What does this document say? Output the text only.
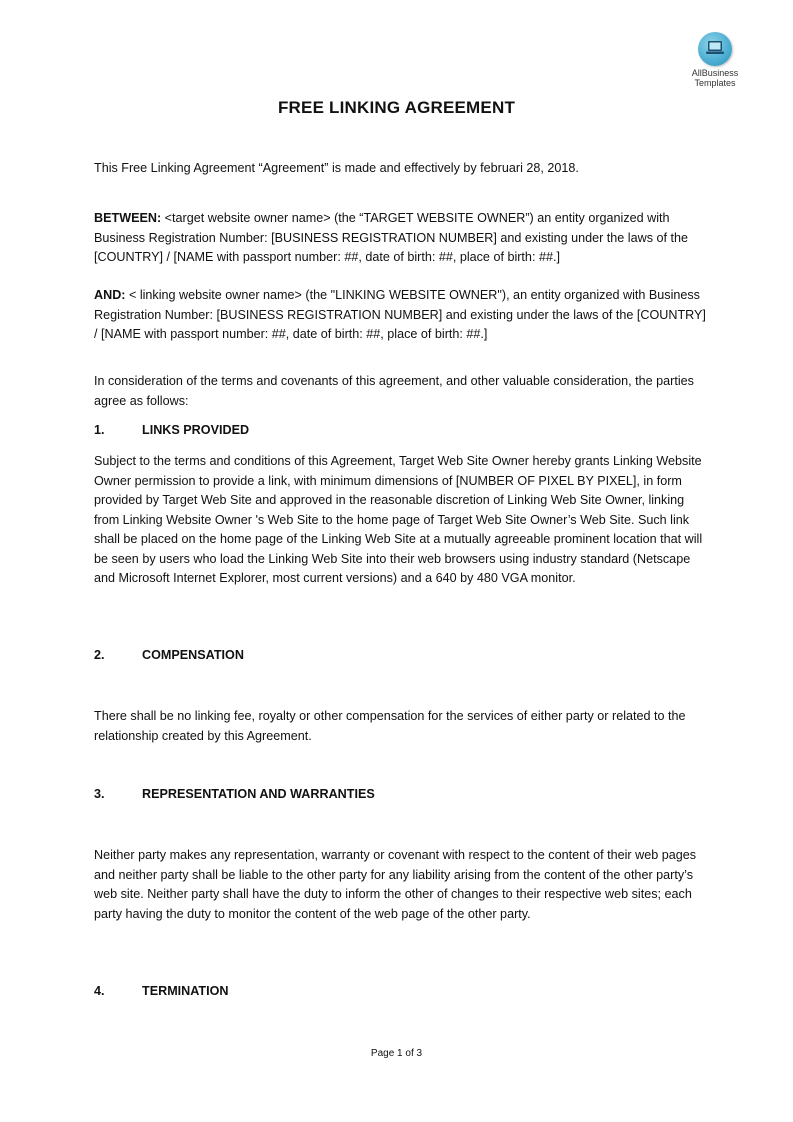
AllBusiness
Templates
FREE LINKING AGREEMENT
This Free Linking Agreement “Agreement” is made and effectively by februari 28, 2018.
BETWEEN: <target website owner name> (the “TARGET WEBSITE OWNER”) an entity organized with Business Registration Number: [BUSINESS REGISTRATION NUMBER] and existing under the laws of the [COUNTRY] / [NAME with passport number: ##, date of birth: ##, place of birth: ##.]
AND: < linking website owner name> (the "LINKING WEBSITE OWNER"), an entity organized with Business Registration Number: [BUSINESS REGISTRATION NUMBER] and existing under the laws of the [COUNTRY] / [NAME with passport number: ##, date of birth: ##, place of birth: ##.]
In consideration of the terms and covenants of this agreement, and other valuable consideration, the parties agree as follows:
1.	LINKS PROVIDED
Subject to the terms and conditions of this Agreement, Target Web Site Owner hereby grants Linking Website Owner permission to provide a link, with minimum dimensions of [NUMBER OF PIXEL BY PIXEL], in form provided by Target Web Site and approved in the reasonable discretion of Linking Web Site Owner, linking from Linking Website Owner 's Web Site to the home page of Target Web Site Owner’s Web Site. Such link shall be placed on the home page of the Linking Web Site at a mutually agreeable prominent location that will be seen by users who load the Linking Web Site into their web browsers using industry standard (Netscape and Microsoft Internet Explorer, most current versions) and a 640 by 480 VGA monitor.
2.	COMPENSATION
There shall be no linking fee, royalty or other compensation for the services of either party or related to the relationship created by this Agreement.
3.	REPRESENTATION AND WARRANTIES
Neither party makes any representation, warranty or covenant with respect to the content of their web pages and neither party shall be liable to the other party for any liability arising from the content of the other party’s web site. Neither party shall have the duty to inform the other of changes to their respective web sites; each party having the duty to monitor the content of the web page of the other party.
4.	TERMINATION
Page 1 of 3
